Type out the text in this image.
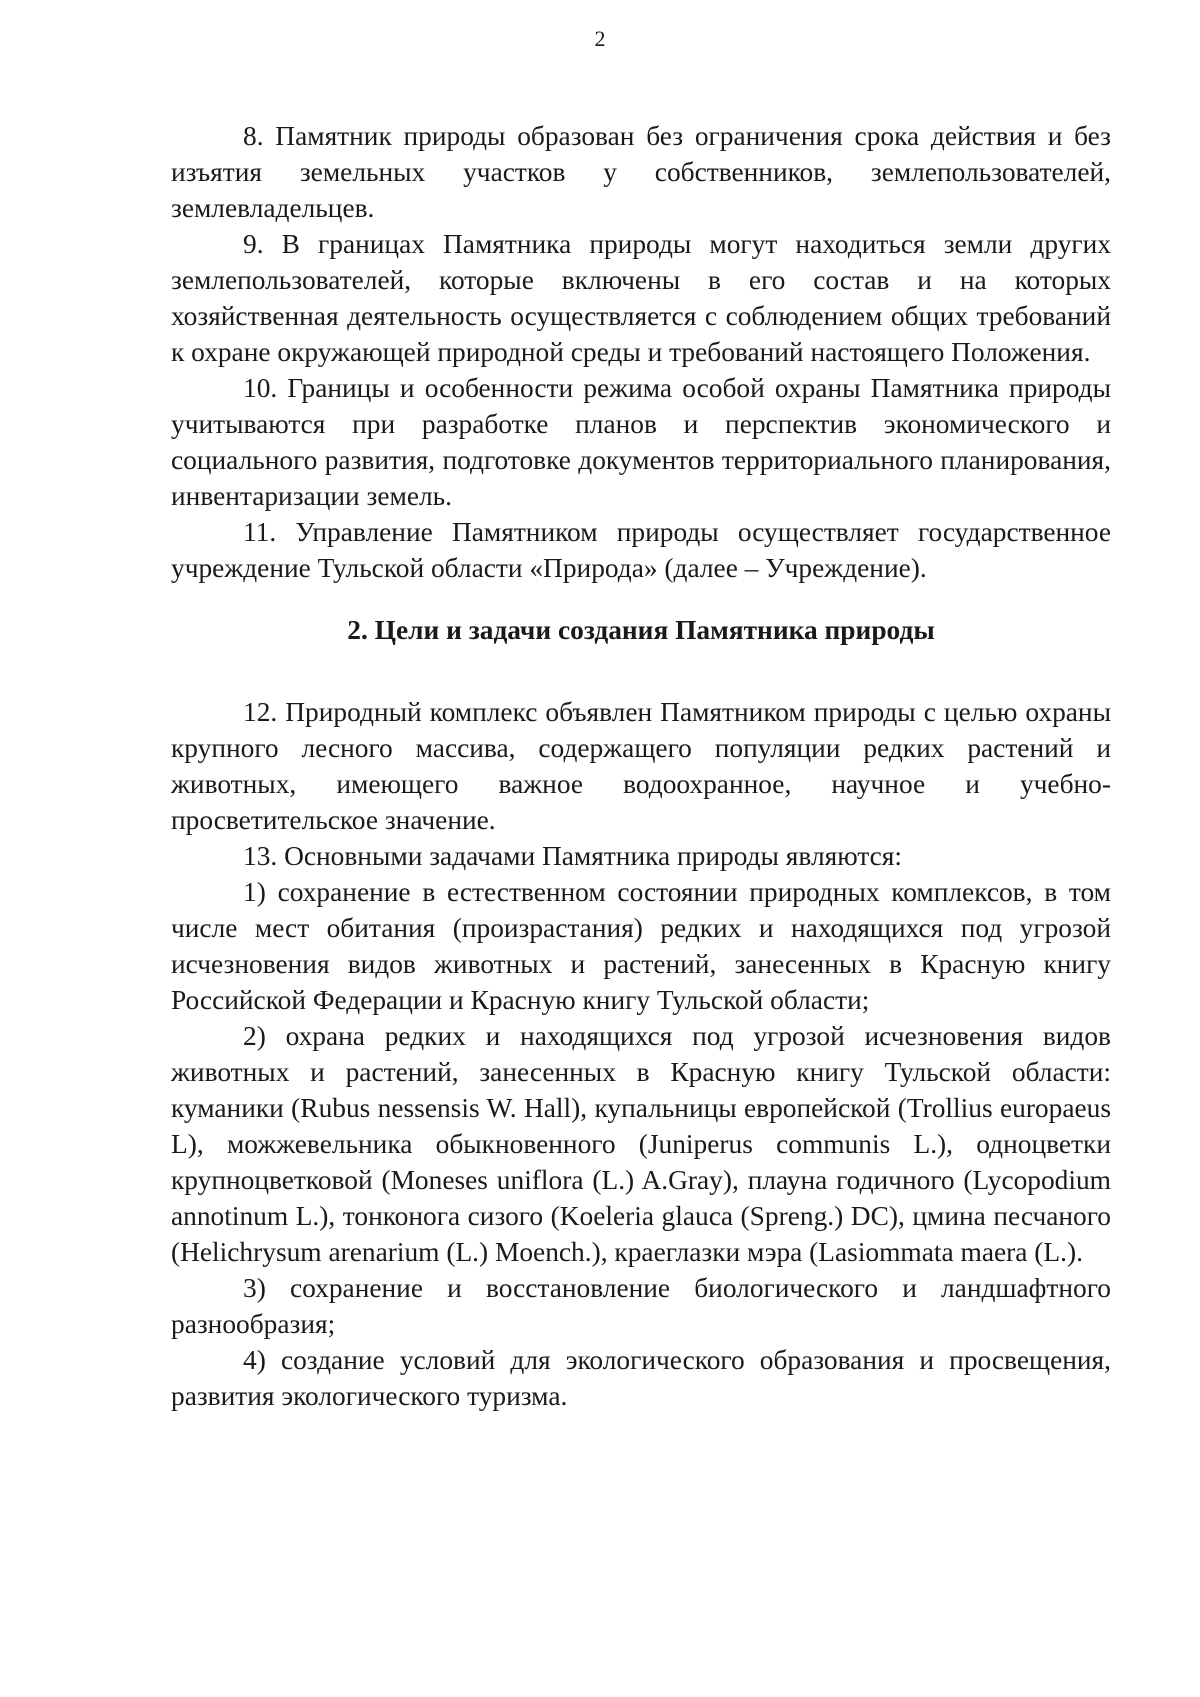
2

8. Памятник природы образован без ограничения срока действия и без изъятия земельных участков у собственников, землепользователей, землевладельцев.

9. В границах Памятника природы могут находиться земли других землепользователей, которые включены в его состав и на которых хозяйственная деятельность осуществляется с соблюдением общих требований к охране окружающей природной среды и требований настоящего Положения.

10. Границы и особенности режима особой охраны Памятника природы учитываются при разработке планов и перспектив экономического и социального развития, подготовке документов территориального планирования, инвентаризации земель.

11. Управление Памятником природы осуществляет государственное учреждение Тульской области «Природа» (далее – Учреждение).

2. Цели и задачи создания Памятника природы

12. Природный комплекс объявлен Памятником природы с целью охраны крупного лесного массива, содержащего популяции редких растений и животных, имеющего важное водоохранное, научное и учебно-просветительское значение.

13. Основными задачами Памятника природы являются:

1) сохранение в естественном состоянии природных комплексов, в том числе мест обитания (произрастания) редких и находящихся под угрозой исчезновения видов животных и растений, занесенных в Красную книгу Российской Федерации и Красную книгу Тульской области;

2) охрана редких и находящихся под угрозой исчезновения видов животных и растений, занесенных в Красную книгу Тульской области: куманики (Rubus nessensis W. Hall), купальницы европейской (Trollius europaeus L), можжевельника обыкновенного (Juniperus communis L.), одноцветки крупноцветковой (Moneses uniflora (L.) A.Gray), плауна годичного (Lycopodium annotinum L.), тонконога сизого (Koeleria glauca (Spreng.) DC), цмина песчаного (Helichrysum arenarium (L.) Moench.), краеглазки мэра (Lasiommata maera (L.).

3) сохранение и восстановление биологического и ландшафтного разнообразия;

4) создание условий для экологического образования и просвещения, развития экологического туризма.
